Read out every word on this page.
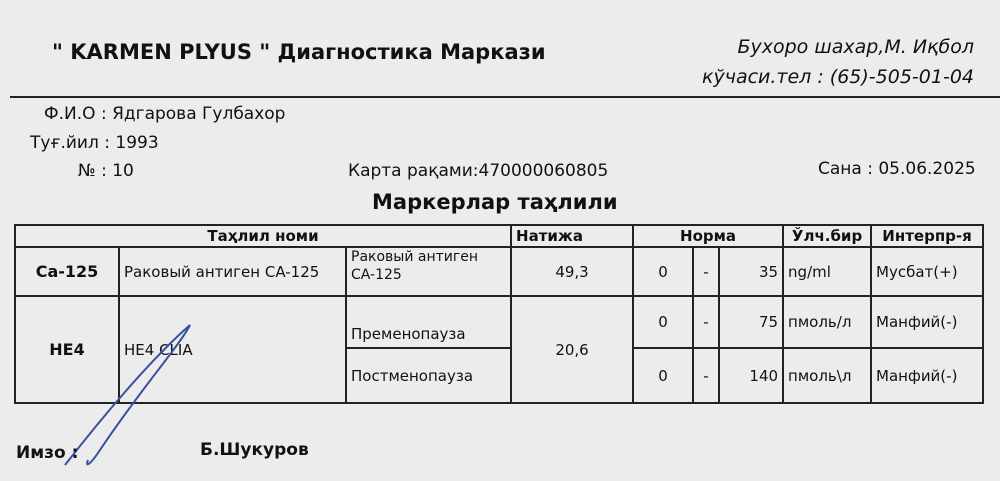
" KARMEN PLYUS " Диагностика Маркази	Бухоро шахар,М. Иқбол
кўчаси.тел : (65)-505-01-04
Ф.И.О : Ядгарова Гулбахор
Туғ.йил : 1993
№ : 10	Карта рақами:470000060805	Сана : 05.06.2025
Маркерлар таҳлили
Таҳлил номи			Натижа	Норма			Ўлч.бир	Интерпр-я
Ca-125	Раковый антиген CA-125	Раковый антиген CA-125	49,3	0	-	35	ng/ml	Мусбат(+)
HE4	HE4 CLIA	Пременопауза	20,6	0	-	75	пмоль/л	Манфий(-)
		Постменопауза		0	-	140	пмоль\л	Манфий(-)
Имзо :	Б.Шукуров
